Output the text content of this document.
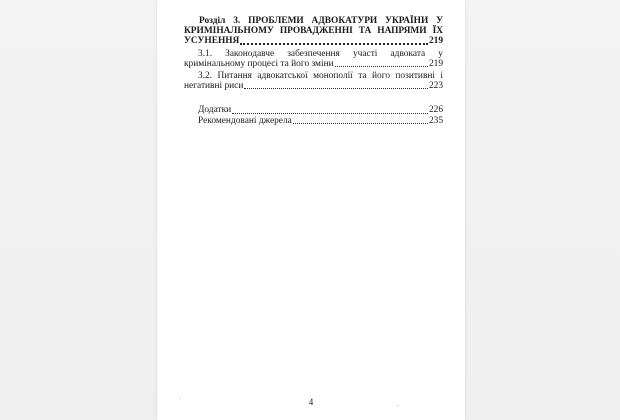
Розділ 3. ПРОБЛЕМИ АДВОКАТУРИ УКРАЇНИ У
КРИМІНАЛЬНОМУ ПРОВАДЖЕННІ ТА НАПРЯМИ ЇХ
УСУНЕННЯ	219
3.1. Законодавче забезпечення участі адвоката у
кримінальному процесі та його зміни	219
3.2. Питання адвокатської монополії та його позитивні і
негативні риси	223
Додатки	226
Рекомендовані джерела	235
4
